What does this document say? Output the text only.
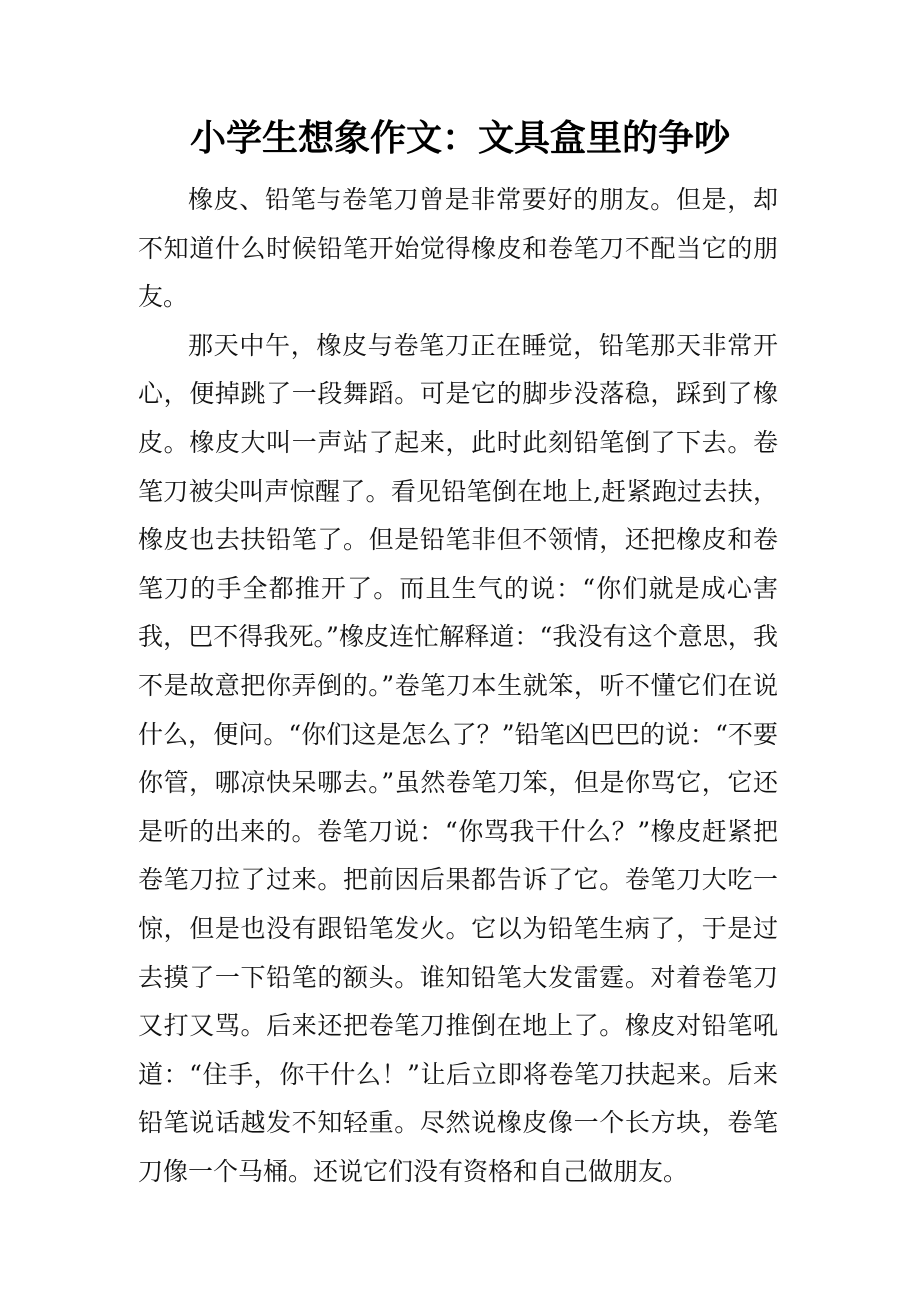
小学生想象作文：文具盒里的争吵

橡皮、铅笔与卷笔刀曾是非常要好的朋友。但是，却不知道什么时候铅笔开始觉得橡皮和卷笔刀不配当它的朋友。

那天中午，橡皮与卷笔刀正在睡觉，铅笔那天非常开心，便掉跳了一段舞蹈。可是它的脚步没落稳，踩到了橡皮。橡皮大叫一声站了起来，此时此刻铅笔倒了下去。卷笔刀被尖叫声惊醒了。看见铅笔倒在地上,赶紧跑过去扶，橡皮也去扶铅笔了。但是铅笔非但不领情，还把橡皮和卷笔刀的手全都推开了。而且生气的说：“你们就是成心害我，巴不得我死。”橡皮连忙解释道：“我没有这个意思，我不是故意把你弄倒的。”卷笔刀本生就笨，听不懂它们在说什么，便问。“你们这是怎么了？”铅笔凶巴巴的说：“不要你管，哪凉快呆哪去。”虽然卷笔刀笨，但是你骂它，它还是听的出来的。卷笔刀说：“你骂我干什么？”橡皮赶紧把卷笔刀拉了过来。把前因后果都告诉了它。卷笔刀大吃一惊，但是也没有跟铅笔发火。它以为铅笔生病了，于是过去摸了一下铅笔的额头。谁知铅笔大发雷霆。对着卷笔刀又打又骂。后来还把卷笔刀推倒在地上了。橡皮对铅笔吼道：“住手，你干什么！”让后立即将卷笔刀扶起来。后来铅笔说话越发不知轻重。尽然说橡皮像一个长方块，卷笔刀像一个马桶。还说它们没有资格和自己做朋友。
